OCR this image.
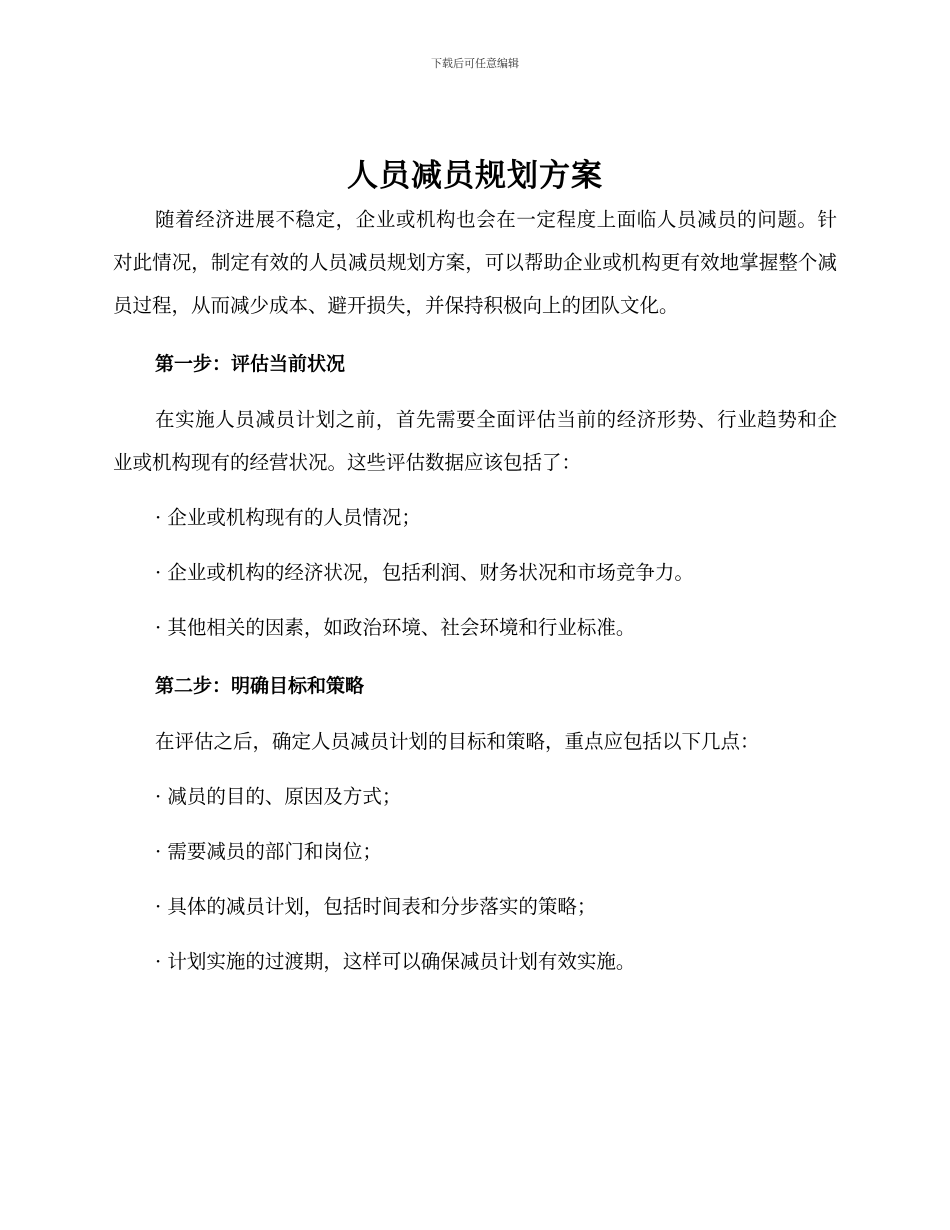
下载后可任意编辑
人员减员规划方案

随着经济进展不稳定，企业或机构也会在一定程度上面临人员减员的问题。针对此情况，制定有效的人员减员规划方案，可以帮助企业或机构更有效地掌握整个减员过程，从而减少成本、避开损失，并保持积极向上的团队文化。

第一步：评估当前状况

在实施人员减员计划之前，首先需要全面评估当前的经济形势、行业趋势和企业或机构现有的经营状况。这些评估数据应该包括了：

· 企业或机构现有的人员情况；
· 企业或机构的经济状况，包括利润、财务状况和市场竞争力。
· 其他相关的因素，如政治环境、社会环境和行业标准。
第二步：明确目标和策略
在评估之后，确定人员减员计划的目标和策略，重点应包括以下几点：
· 减员的目的、原因及方式；
· 需要减员的部门和岗位；
· 具体的减员计划，包括时间表和分步落实的策略；
· 计划实施的过渡期，这样可以确保减员计划有效实施。
